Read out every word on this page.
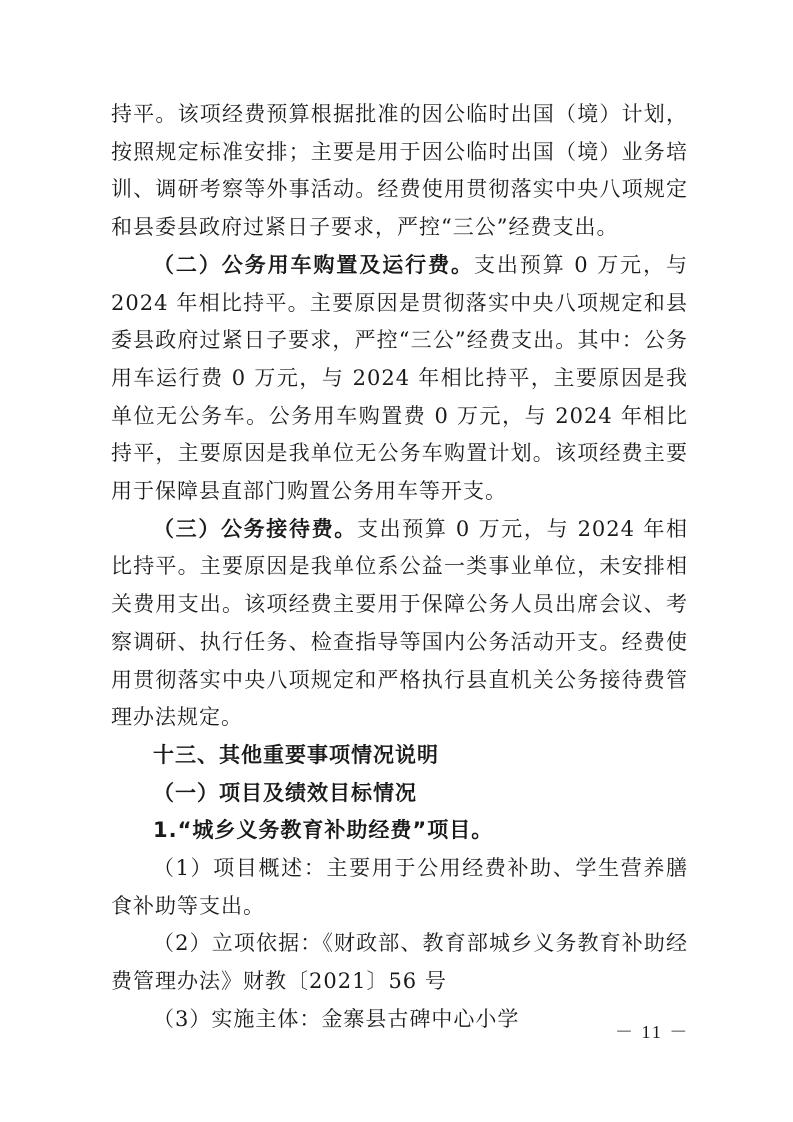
持平。该项经费预算根据批准的因公临时出国（境）计划，按照规定标准安排；主要是用于因公临时出国（境）业务培训、调研考察等外事活动。经费使用贯彻落实中央八项规定和县委县政府过紧日子要求，严控“三公”经费支出。

（二）公务用车购置及运行费。支出预算 0 万元，与 2024 年相比持平。主要原因是贯彻落实中央八项规定和县委县政府过紧日子要求，严控“三公”经费支出。其中：公务用车运行费 0 万元，与 2024 年相比持平，主要原因是我单位无公务车。公务用车购置费 0 万元，与 2024 年相比持平，主要原因是我单位无公务车购置计划。该项经费主要用于保障县直部门购置公务用车等开支。

（三）公务接待费。支出预算 0 万元，与 2024 年相比持平。主要原因是我单位系公益一类事业单位，未安排相关费用支出。该项经费主要用于保障公务人员出席会议、考察调研、执行任务、检查指导等国内公务活动开支。经费使用贯彻落实中央八项规定和严格执行县直机关公务接待费管理办法规定。

十三、其他重要事项情况说明

（一）项目及绩效目标情况

1.“城乡义务教育补助经费”项目。

（1）项目概述：主要用于公用经费补助、学生营养膳食补助等支出。

（2）立项依据：《财政部、教育部城乡义务教育补助经费管理办法》财教〔2021〕56 号

（3）实施主体：金寨县古碑中心小学

－ 11 －
